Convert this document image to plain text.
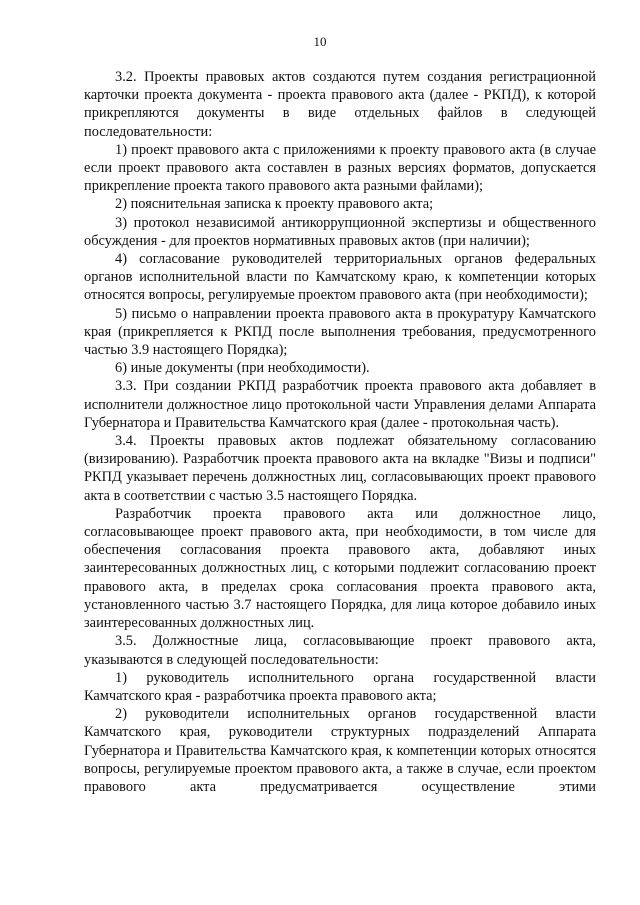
10

3.2. Проекты правовых актов создаются путем создания регистрационной карточки проекта документа - проекта правового акта (далее - РКПД), к которой прикрепляются документы в виде отдельных файлов в следующей последовательности:

1) проект правового акта с приложениями к проекту правового акта (в случае если проект правового акта составлен в разных версиях форматов, допускается прикрепление проекта такого правового акта разными файлами);

2) пояснительная записка к проекту правового акта;

3) протокол независимой антикоррупционной экспертизы и общественного обсуждения - для проектов нормативных правовых актов (при наличии);

4) согласование руководителей территориальных органов федеральных органов исполнительной власти по Камчатскому краю, к компетенции которых относятся вопросы, регулируемые проектом правового акта (при необходимости);

5) письмо о направлении проекта правового акта в прокуратуру Камчатского края (прикрепляется к РКПД после выполнения требования, предусмотренного частью 3.9 настоящего Порядка);

6) иные документы (при необходимости).

3.3. При создании РКПД разработчик проекта правового акта добавляет в исполнители должностное лицо протокольной части Управления делами Аппарата Губернатора и Правительства Камчатского края (далее - протокольная часть).

3.4. Проекты правовых актов подлежат обязательному согласованию (визированию). Разработчик проекта правового акта на вкладке "Визы и подписи" РКПД указывает перечень должностных лиц, согласовывающих проект правового акта в соответствии с частью 3.5 настоящего Порядка.

Разработчик проекта правового акта или должностное лицо, согласовывающее проект правового акта, при необходимости, в том числе для обеспечения согласования проекта правового акта, добавляют иных заинтересованных должностных лиц, с которыми подлежит согласованию проект правового акта, в пределах срока согласования проекта правового акта, установленного частью 3.7 настоящего Порядка, для лица которое добавило иных заинтересованных должностных лиц.

3.5. Должностные лица, согласовывающие проект правового акта, указываются в следующей последовательности:

1) руководитель исполнительного органа государственной власти Камчатского края - разработчика проекта правового акта;

2) руководители исполнительных органов государственной власти Камчатского края, руководители структурных подразделений Аппарата Губернатора и Правительства Камчатского края, к компетенции которых относятся вопросы, регулируемые проектом правового акта, а также в случае, если проектом правового акта предусматривается осуществление этими
